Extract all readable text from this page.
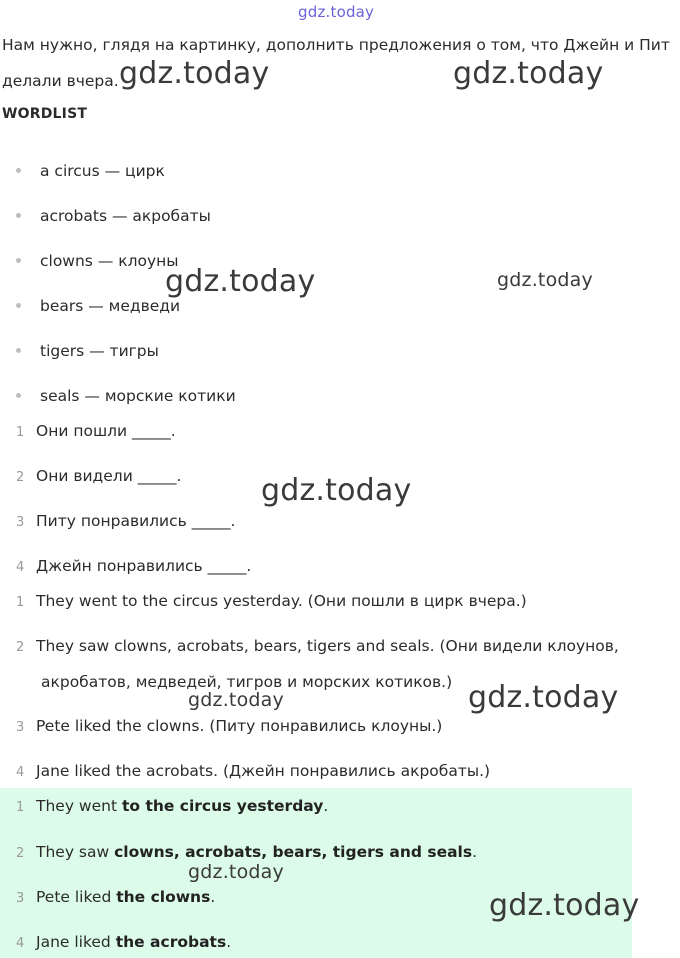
gdz.today
Нам нужно, глядя на картинку, дополнить предложения о том, что Джейн и Пит
делали вчера.
WORDLIST
a circus — цирк
acrobats — акробаты
clowns — клоуны
bears — медведи
tigers — тигры
seals — морские котики
1 Они пошли _____.
2 Они видели _____.
3 Питу понравились _____.
4 Джейн понравились _____.
1 They went to the circus yesterday. (Они пошли в цирк вчера.)
2 They saw clowns, acrobats, bears, tigers and seals. (Они видели клоунов,
акробатов, медведей, тигров и морских котиков.)
3 Pete liked the clowns. (Питу понравились клоуны.)
4 Jane liked the acrobats. (Джейн понравились акробаты.)
1 They went to the circus yesterday.
2 They saw clowns, acrobats, bears, tigers and seals.
3 Pete liked the clowns.
4 Jane liked the acrobats.
gdz.today	gdz.today
gdz.today	gdz.today
gdz.today
gdz.today	gdz.today
gdz.today
gdz.today
